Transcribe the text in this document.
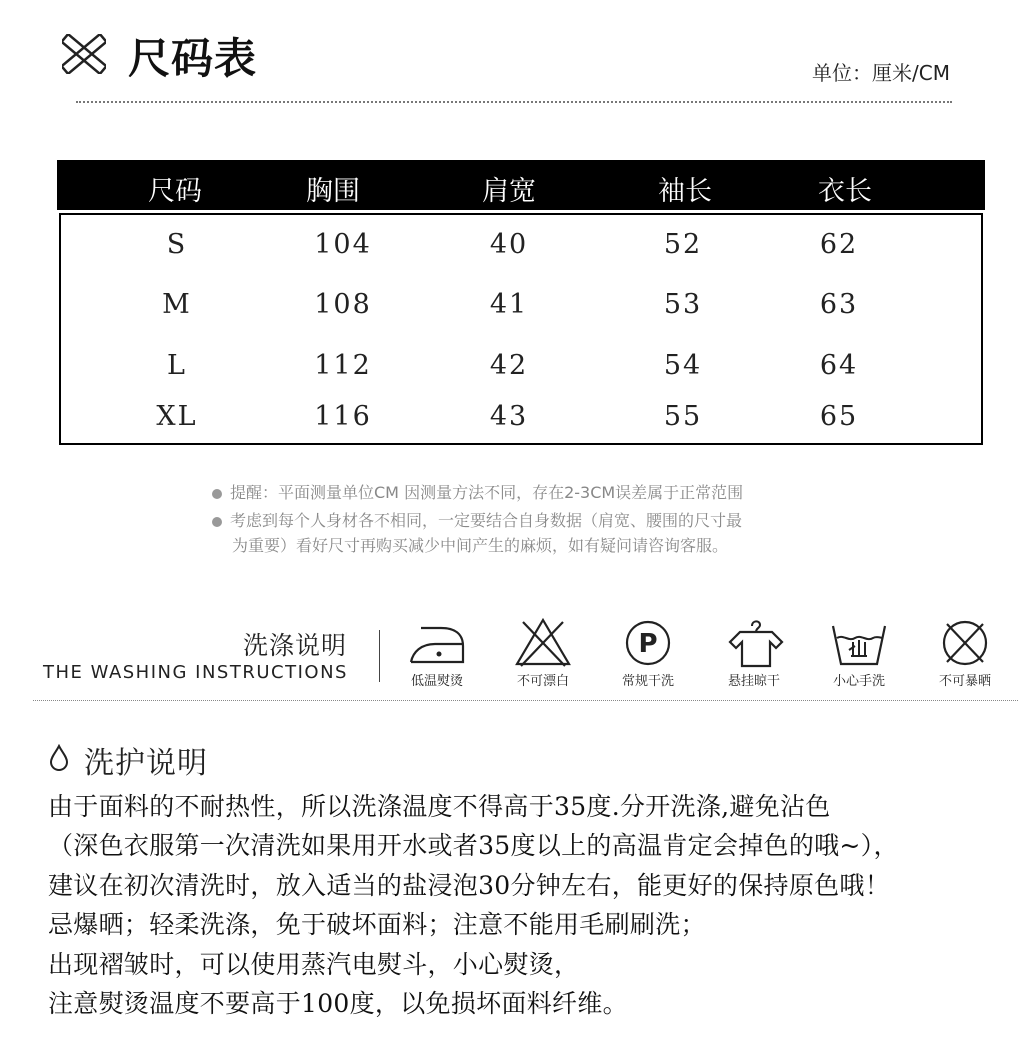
尺码表	单位：厘米/CM
尺码	胸围	肩宽	袖长	衣长
S	104	40	52	62
M	108	41	53	63
L	112	42	54	64
XL	116	43	55	65
提醒：平面测量单位CM 因测量方法不同，存在2-3CM误差属于正常范围
考虑到每个人身材各不相同，一定要结合自身数据（肩宽、腰围的尺寸最
为重要）看好尺寸再购买减少中间产生的麻烦，如有疑问请咨询客服。
洗涤说明
THE WASHING INSTRUCTIONS	低温熨烫	不可漂白
P
常规干洗	悬挂晾干	小心手洗	不可暴晒
洗护说明
由于面料的不耐热性，所以洗涤温度不得高于35度.分开洗涤,避免沾色
（深色衣服第一次清洗如果用开水或者35度以上的高温肯定会掉色的哦~），
建议在初次清洗时，放入适当的盐浸泡30分钟左右，能更好的保持原色哦！
忌爆晒；轻柔洗涤，免于破坏面料；注意不能用毛刷刷洗；
出现褶皱时，可以使用蒸汽电熨斗，小心熨烫，
注意熨烫温度不要高于100度，以免损坏面料纤维。
